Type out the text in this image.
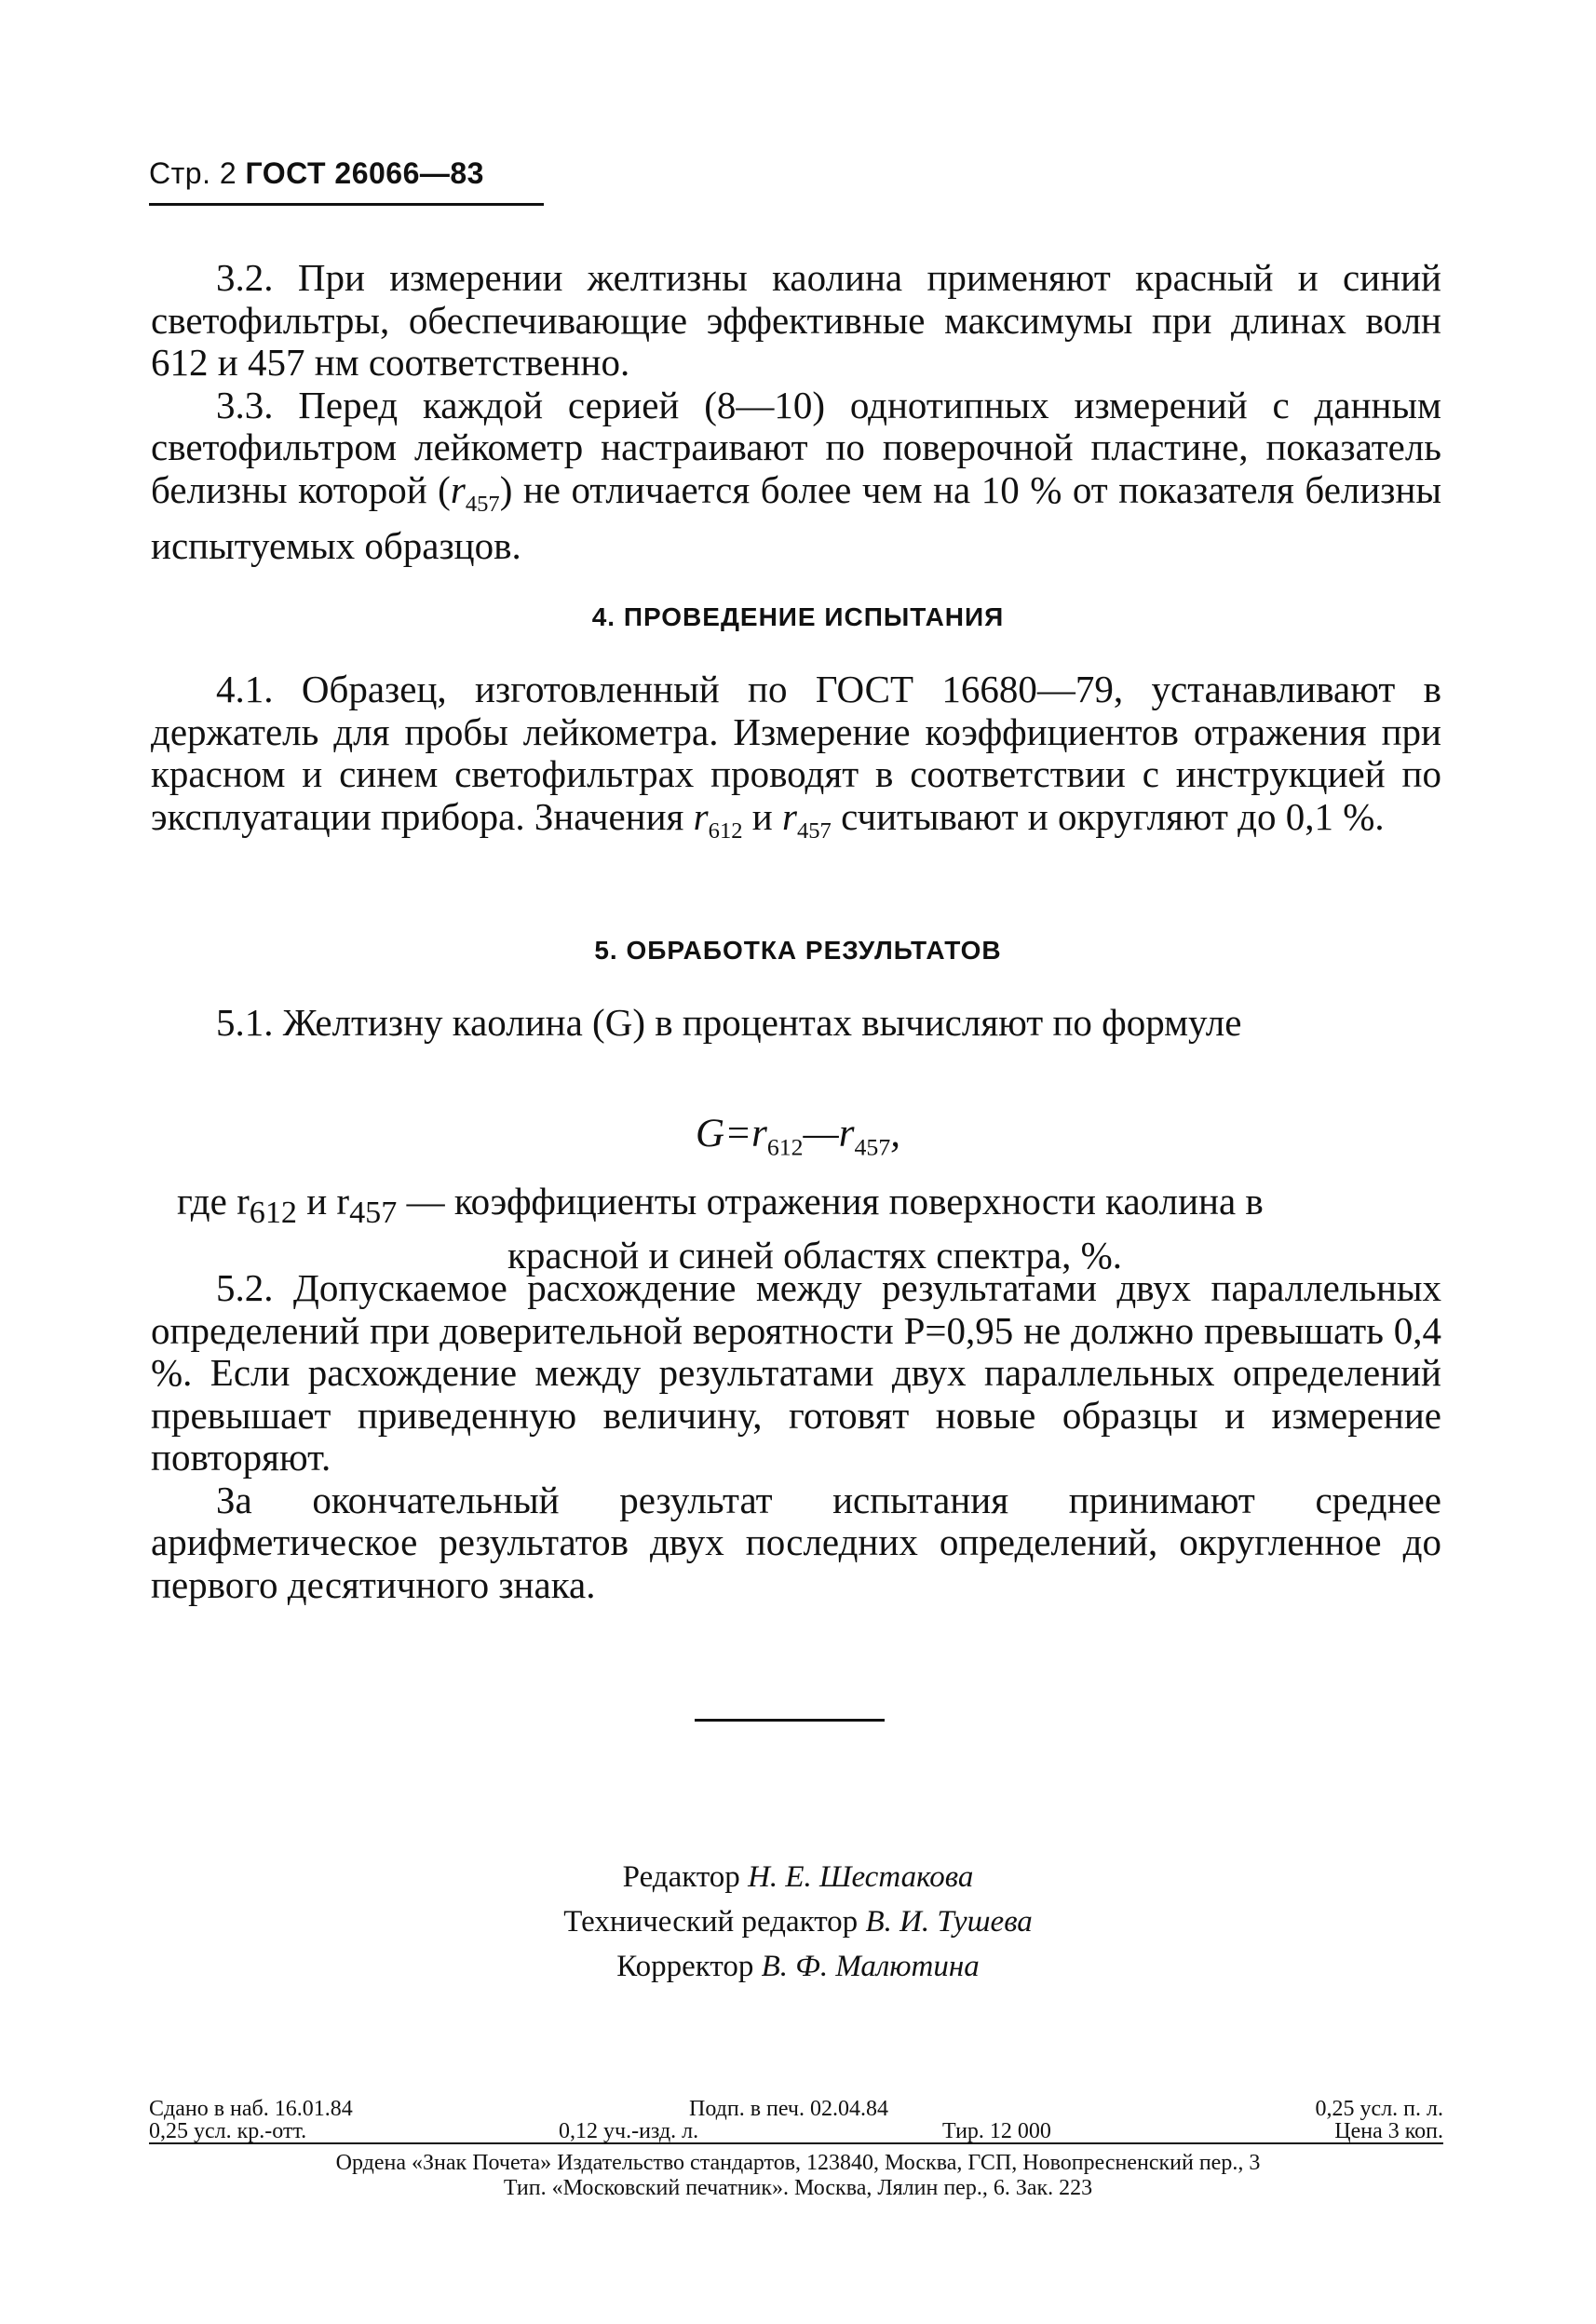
Стр. 2 ГОСТ 26066—83

3.2. При измерении желтизны каолина применяют красный и синий светофильтры, обеспечивающие эффективные максимумы при длинах волн 612 и 457 нм соответственно.

3.3. Перед каждой серией (8—10) однотипных измерений с данным светофильтром лейкометр настраивают по поверочной пластине, показатель белизны которой $(r_{457})$ не отличается более чем на 10 % от показателя белизны испытуемых образцов.

4. ПРОВЕДЕНИЕ ИСПЫТАНИЯ

4.1. Образец, изготовленный по ГОСТ 16680—79, устанавливают в держатель для пробы лейкометра. Измерение коэффициентов отражения при красном и синем светофильтрах проводят в соответствии с инструкцией по эксплуатации прибора. Значения $r_{612}$ и $r_{457}$ считывают и округляют до 0,1 %.

5. ОБРАБОТКА РЕЗУЛЬТАТОВ

5.1. Желтизну каолина (G) в процентах вычисляют по формуле

$G=r_{612}—r_{457}$,
где $r_{612}$ и $r_{457}$ — коэффициенты отражения поверхности каолина в
красной и синей областях спектра, %.

5.2. Допускаемое расхождение между результатами двух параллельных определений при доверительной вероятности P=0,95 не должно превышать 0,4 %. Если расхождение между результатами двух параллельных определений превышает приведенную величину, готовят новые образцы и измерение повторяют.

За окончательный результат испытания принимают среднее арифметическое результатов двух последних определений, округленное до первого десятичного знака.

Редактор Н. Е. Шестакова
Технический редактор В. И. Тушева
Корректор В. Ф. Малютина
Сдано в наб. 16.01.84	Подп. в печ. 02.04.84	0,25 усл. п. л.
0,25 усл. кр.-отт.	0,12 уч.-изд. л.	Тир. 12 000	Цена 3 коп.
Ордена «Знак Почета» Издательство стандартов, 123840, Москва, ГСП, Новопресненский пер., 3
Тип. «Московский печатник». Москва, Лялин пер., 6. Зак. 223
